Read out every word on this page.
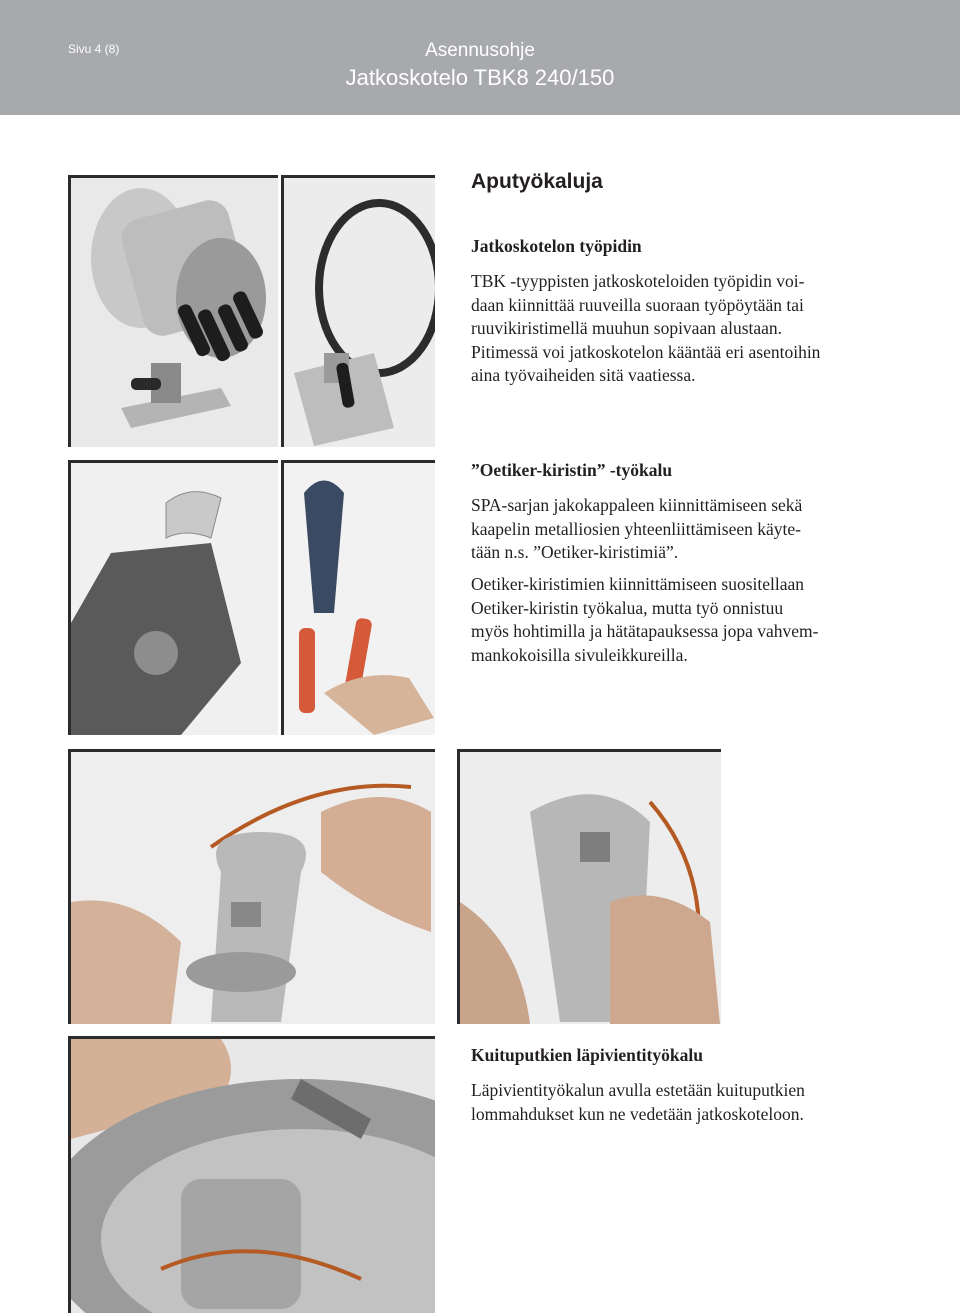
Sivu 4 (8)	Asennusohje
Jatkoskotelo TBK8 240/150
Aputyökaluja
Jatkoskotelon työpidin
TBK -tyyppisten jatkoskoteloiden työpidin voi-
daan kiinnittää ruuveilla suoraan työpöytään tai
ruuvikiristimellä muuhun sopivaan alustaan.
Pitimessä voi jatkoskotelon kääntää eri asentoihin
aina työvaiheiden sitä vaatiessa.
”Oetiker-kiristin” -työkalu
SPA-sarjan jakokappaleen kiinnittämiseen sekä
kaapelin metalliosien yhteenliittämiseen käyte-
tään n.s. ”Oetiker-kiristimiä”.
Oetiker-kiristimien kiinnittämiseen suositellaan
Oetiker-kiristin työkalua, mutta työ onnistuu
myös hohtimilla ja hätätapauksessa jopa vahvem-
mankokoisilla sivuleikkureilla.
Kuituputkien läpivientityökalu
Läpivientityökalun avulla estetään kuituputkien
lommahdukset kun ne vedetään jatkoskoteloon.
